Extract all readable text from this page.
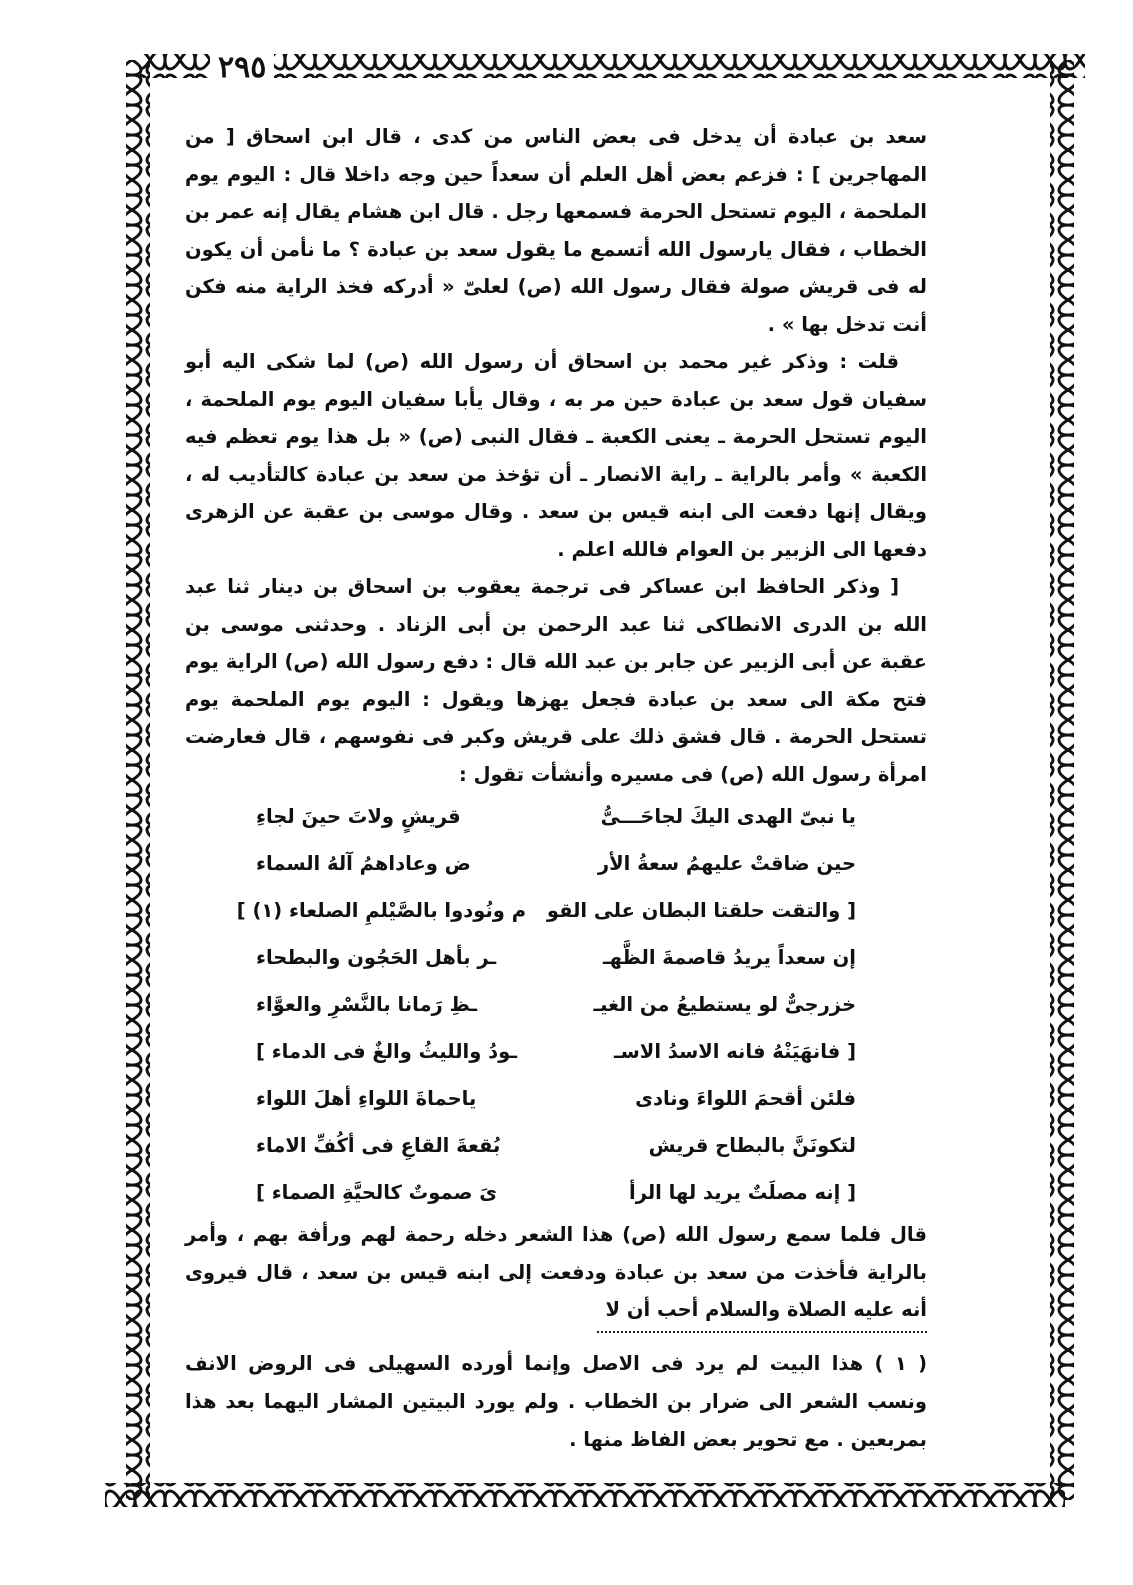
٢٩٥

سعد بن عبادة أن يدخل فى بعض الناس من كدى ، قال ابن اسحاق [ من المهاجرين ] : فزعم بعض أهل العلم أن سعداً حين وجه داخلا قال : اليوم يوم الملحمة ، اليوم تستحل الحرمة فسمعها رجل . قال ابن هشام يقال إنه عمر بن الخطاب ، فقال يارسول الله أتسمع ما يقول سعد بن عبادة ؟ ما نأمن أن يكون له فى قريش صولة فقال رسول الله (ص) لعلىّ « أدركه فخذ الراية منه فكن أنت تدخل بها » .

قلت : وذكر غير محمد بن اسحاق أن رسول الله (ص) لما شكى اليه أبو سفيان قول سعد بن عبادة حين مر به ، وقال يأبا سفيان اليوم يوم الملحمة ، اليوم تستحل الحرمة ـ يعنى الكعبة ـ فقال النبى (ص) « بل هذا يوم تعظم فيه الكعبة » وأمر بالراية ـ راية الانصار ـ أن تؤخذ من سعد بن عبادة كالتأديب له ، ويقال إنها دفعت الى ابنه قيس بن سعد . وقال موسى بن عقبة عن الزهرى دفعها الى الزبير بن العوام فالله اعلم .

[ وذكر الحافظ ابن عساكر فى ترجمة يعقوب بن اسحاق بن دينار ثنا عبد الله بن الدرى الانطاكى ثنا عبد الرحمن بن أبى الزناد . وحدثنى موسى بن عقبة عن أبى الزبير عن جابر بن عبد الله قال : دفع رسول الله (ص) الراية يوم فتح مكة الى سعد بن عبادة فجعل يهزها ويقول : اليوم يوم الملحمة يوم تستحل الحرمة . قال فشق ذلك على قريش وكبر فى نفوسهم ، قال فعارضت امرأة رسول الله (ص) فى مسيره وأنشأت تقول :

يا نبىّ الهدى اليكَ لجاحَـــىُّ
قريشٍ ولاتَ حينَ لجاءِ
حين ضاقتْ عليهمُ سعةُ الأر
ض وعاداهمُ آلهُ السماء
[ والتقت حلقتا البطان على القو
م ونُودوا بالصَّيْلمِ الصلعاء (١) ]
إن سعداً يريدُ قاصمةَ الظَّهـ
ـر بأهل الحَجُون والبطحاء
خزرجىٌّ لو يستطيعُ من الغيـ
ـظِ رَمانا بالنَّسْرِ والعوَّاء
[ فانهَيَنْهُ فانه الاسدُ الاسـ
ـودُ والليثُ والغٌ فى الدماء ]
فلئن أقحمَ اللواءَ ونادى
ياحماةَ اللواءِ أهلَ اللواء
لتكونَنَّ بالبطاح قريش
بُقعةَ القاعِ فى أكُفِّ الاماء
[ إنه مصلَتٌ يريد لها الرأ
ىَ صموتٌ كالحيَّةِ الصماء ]

قال فلما سمع رسول الله (ص) هذا الشعر دخله رحمة لهم ورأفة بهم ، وأمر بالراية فأخذت من سعد بن عبادة ودفعت إلى ابنه قيس بن سعد ، قال فيروى أنه عليه الصلاة والسلام أحب أن لا

( ١ ) هذا البيت لم يرد فى الاصل وإنما أورده السهيلى فى الروض الانف ونسب الشعر الى ضرار بن الخطاب . ولم يورد البيتين المشار اليهما بعد هذا بمربعين . مع تحوير بعض الفاظ منها .
